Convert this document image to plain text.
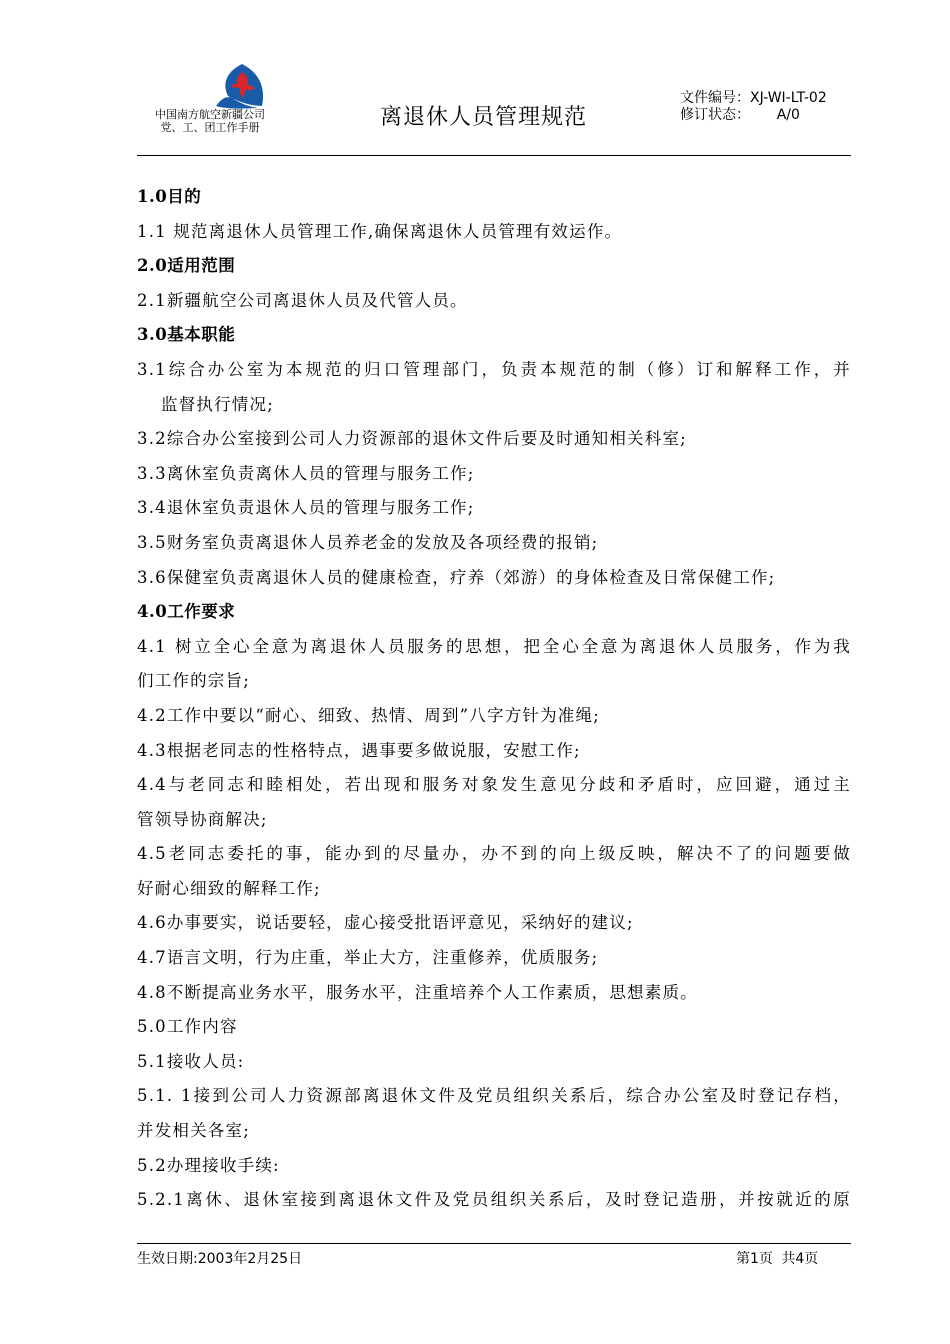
中国南方航空新疆公司
党、工、团工作手册	离退休人员管理规范
文件编号：XJ-WI-LT-02
修订状态：      A/0
1.0目的
1.1 规范离退休人员管理工作,确保离退休人员管理有效运作。
2.0适用范围
2.1新疆航空公司离退休人员及代管人员。
3.0基本职能
3.1综合办公室为本规范的归口管理部门，负责本规范的制（修）订和解释工作，并
监督执行情况;
3.2综合办公室接到公司人力资源部的退休文件后要及时通知相关科室;
3.3离休室负责离休人员的管理与服务工作;
3.4退休室负责退休人员的管理与服务工作;
3.5财务室负责离退休人员养老金的发放及各项经费的报销;
3.6保健室负责离退休人员的健康检查，疗养（郊游）的身体检查及日常保健工作;
4.0工作要求
4.1 树立全心全意为离退休人员服务的思想，把全心全意为离退休人员服务，作为我
们工作的宗旨;
4.2工作中要以“耐心、细致、热情、周到”八字方针为准绳;
4.3根据老同志的性格特点，遇事要多做说服，安慰工作;
4.4与老同志和睦相处，若出现和服务对象发生意见分歧和矛盾时，应回避，通过主
管领导协商解决;
4.5老同志委托的事，能办到的尽量办，办不到的向上级反映，解决不了的问题要做
好耐心细致的解释工作;
4.6办事要实，说话要轻，虚心接受批语评意见，采纳好的建议;
4.7语言文明，行为庄重，举止大方，注重修养，优质服务;
4.8不断提高业务水平，服务水平，注重培养个人工作素质，思想素质。
5.0工作内容
5.1接收人员:
5.1. 1接到公司人力资源部离退休文件及党员组织关系后，综合办公室及时登记存档，
并发相关各室;
5.2办理接收手续:
5.2.1离休、退休室接到离退休文件及党员组织关系后，及时登记造册，并按就近的原
生效日期:2003年2月25日	第1页 共4页
